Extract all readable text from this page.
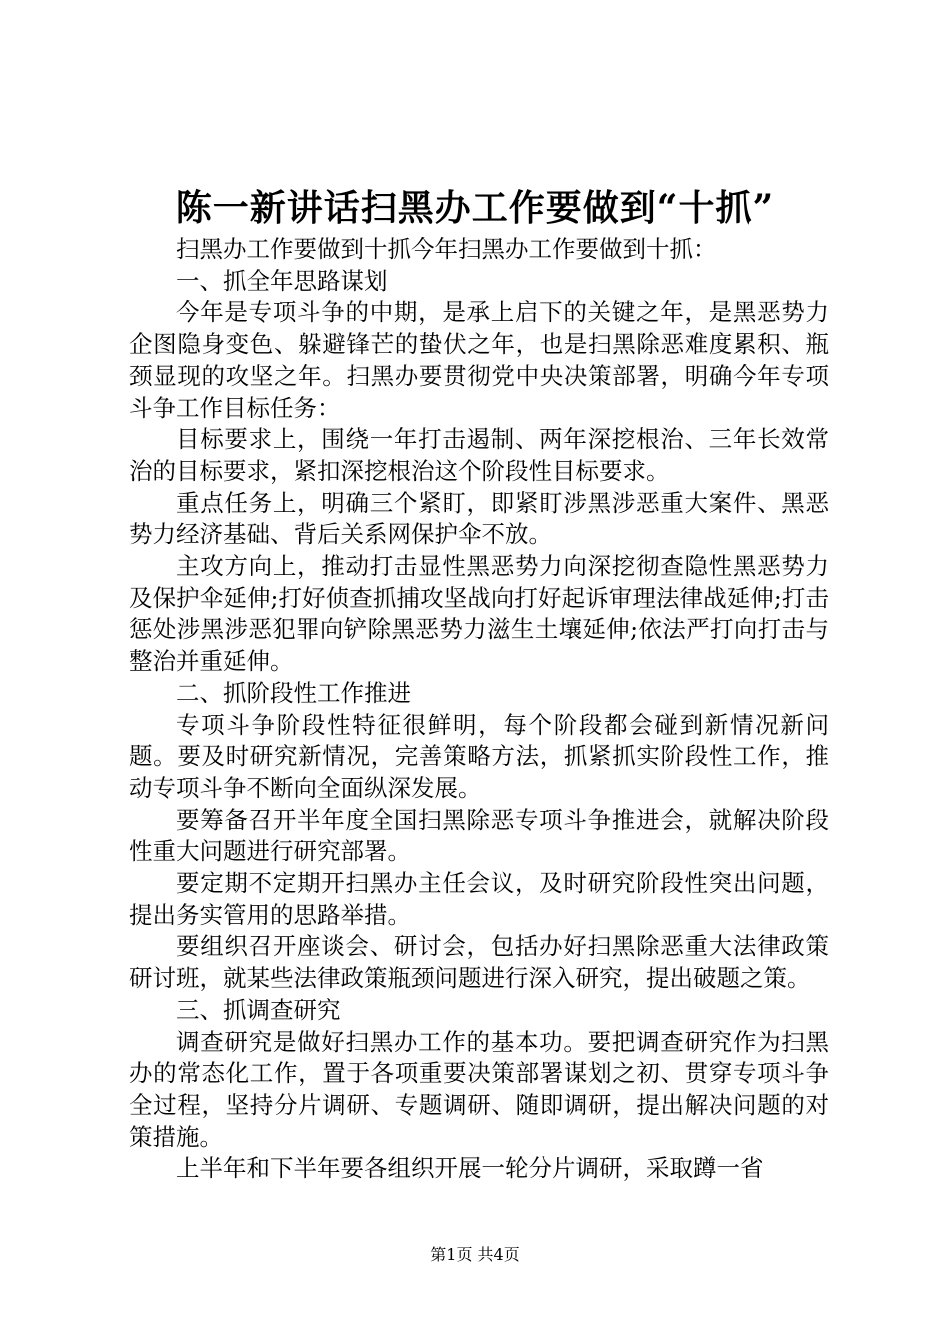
陈一新讲话扫黑办工作要做到“十抓”

扫黑办工作要做到十抓今年扫黑办工作要做到十抓：

一、抓全年思路谋划

今年是专项斗争的中期，是承上启下的关键之年，是黑恶势力企图隐身变色、躲避锋芒的蛰伏之年，也是扫黑除恶难度累积、瓶颈显现的攻坚之年。扫黑办要贯彻党中央决策部署，明确今年专项斗争工作目标任务：

目标要求上，围绕一年打击遏制、两年深挖根治、三年长效常治的目标要求，紧扣深挖根治这个阶段性目标要求。

重点任务上，明确三个紧盯，即紧盯涉黑涉恶重大案件、黑恶势力经济基础、背后关系网保护伞不放。

主攻方向上，推动打击显性黑恶势力向深挖彻查隐性黑恶势力及保护伞延伸;打好侦查抓捕攻坚战向打好起诉审理法律战延伸;打击惩处涉黑涉恶犯罪向铲除黑恶势力滋生土壤延伸;依法严打向打击与整治并重延伸。

二、抓阶段性工作推进

专项斗争阶段性特征很鲜明，每个阶段都会碰到新情况新问题。要及时研究新情况，完善策略方法，抓紧抓实阶段性工作，推动专项斗争不断向全面纵深发展。

要筹备召开半年度全国扫黑除恶专项斗争推进会，就解决阶段性重大问题进行研究部署。

要定期不定期开扫黑办主任会议，及时研究阶段性突出问题，提出务实管用的思路举措。

要组织召开座谈会、研讨会，包括办好扫黑除恶重大法律政策研讨班，就某些法律政策瓶颈问题进行深入研究，提出破题之策。

三、抓调查研究

调查研究是做好扫黑办工作的基本功。要把调查研究作为扫黑办的常态化工作，置于各项重要决策部署谋划之初、贯穿专项斗争全过程，坚持分片调研、专题调研、随即调研，提出解决问题的对策措施。

上半年和下半年要各组织开展一轮分片调研，采取蹲一省

第1页 共4页
